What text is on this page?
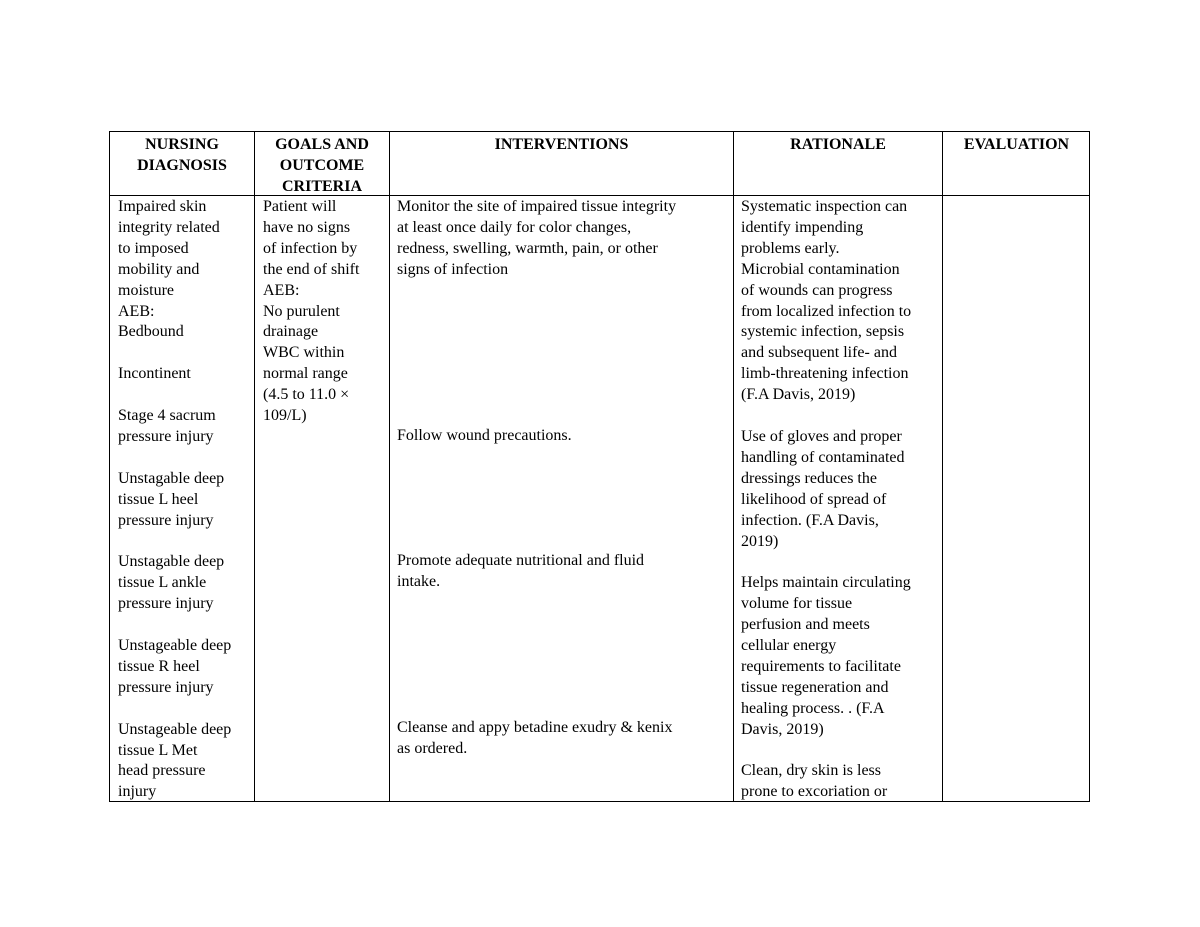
NURSING
DIAGNOSIS
GOALS AND
OUTCOME
CRITERIA
INTERVENTIONS	RATIONALE	EVALUATION
Impaired skin
integrity related
to imposed
mobility and
moisture
AEB:
Bedbound

Incontinent

Stage 4 sacrum
pressure injury

Unstagable deep
tissue L heel
pressure injury

Unstagable deep
tissue L ankle
pressure injury

Unstageable deep
tissue R heel
pressure injury

Unstageable deep
tissue L Met
head pressure
injury
Patient will
have no signs
of infection by
the end of shift
AEB:
No purulent
drainage
WBC within
normal range
(4.5 to 11.0 ×
109/L)
Monitor the site of impaired tissue integrity
at least once daily for color changes,
redness, swelling, warmth, pain, or other
signs of infection
Follow wound precautions.
Promote adequate nutritional and fluid
intake.
Cleanse and appy betadine exudry & kenix
as ordered.
Systematic inspection can
identify impending
problems early.
Microbial contamination
of wounds can progress
from localized infection to
systemic infection, sepsis
and subsequent life- and
limb-threatening infection
(F.A Davis, 2019)

Use of gloves and proper
handling of contaminated
dressings reduces the
likelihood of spread of
infection. (F.A Davis,
2019)

Helps maintain circulating
volume for tissue
perfusion and meets
cellular energy
requirements to facilitate
tissue regeneration and
healing process. . (F.A
Davis, 2019)

Clean, dry skin is less
prone to excoriation or
